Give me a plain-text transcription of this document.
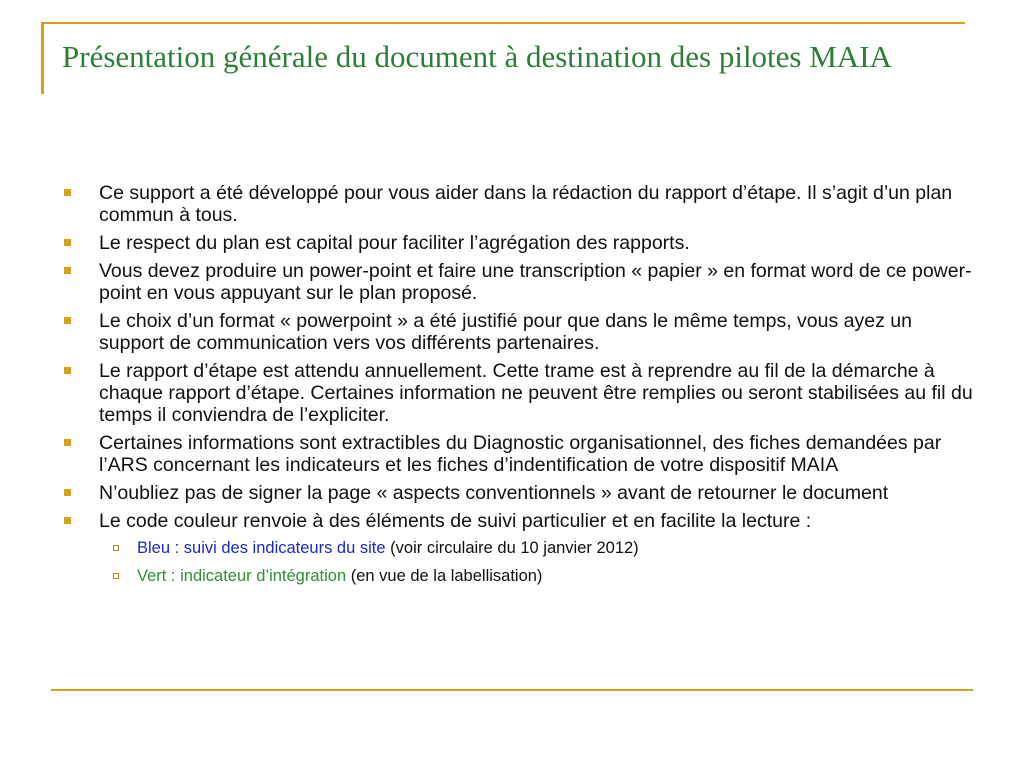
Présentation générale du document à destination des pilotes MAIA
Ce support a été développé pour vous aider dans la rédaction du rapport d’étape. Il s’agit d’un plan commun à tous.
Le respect du plan est capital pour faciliter l’agrégation des rapports.
Vous devez produire un power-point et faire une transcription « papier » en format word de ce power-point en vous appuyant sur le plan proposé.
Le choix d’un format « powerpoint » a été justifié pour que dans le même temps, vous ayez un support de communication vers vos différents partenaires.
Le rapport d’étape est attendu annuellement. Cette trame est à reprendre au fil de la démarche à chaque rapport d’étape. Certaines information ne peuvent être remplies ou seront stabilisées au fil du temps il conviendra de l’expliciter.
Certaines informations sont extractibles du Diagnostic organisationnel, des fiches demandées par l’ARS concernant les indicateurs et les fiches d’indentification de votre dispositif MAIA
N’oubliez pas de signer la page « aspects conventionnels » avant de retourner le document
Le code couleur renvoie à des éléments de suivi particulier et en facilite la lecture :
Bleu : suivi des indicateurs du site (voir circulaire du 10 janvier 2012)
Vert : indicateur d’intégration (en vue de la labellisation)
